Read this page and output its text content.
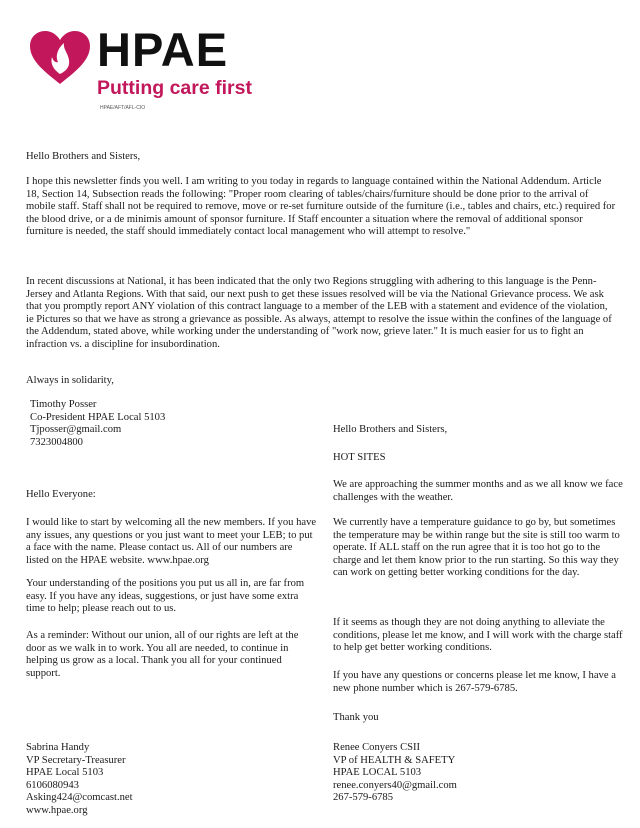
HPAE
Putting care first
HPAE/AFT/AFL-CIO

Hello Brothers and Sisters,

I hope this newsletter finds you well. I am writing to you today in regards to language contained within the National Addendum. Article 18, Section 14, Subsection reads the following: "Proper room clearing of tables/chairs/furniture should be done prior to the arrival of mobile staff. Staff shall not be required to remove, move or re-set furniture outside of the furniture (i.e., tables and chairs, etc.) required for the blood drive, or a de minimis amount of sponsor furniture. If Staff encounter a situation where the removal of additional sponsor furniture is needed, the staff should immediately contact local management who will attempt to resolve."

In recent discussions at National, it has been indicated that the only two Regions struggling with adhering to this language is the Penn-Jersey and Atlanta Regions. With that said, our next push to get these issues resolved will be via the National Grievance process. We ask that you promptly report ANY violation of this contract language to a member of the LEB with a statement and evidence of the violation, ie Pictures so that we have as strong a grievance as possible. As always, attempt to resolve the issue within the confines of the language of the Addendum, stated above, while working under the understanding of "work now, grieve later." It is much easier for us to fight an infraction vs. a discipline for insubordination.

Always in solidarity,

Timothy Posser
Co-President HPAE Local 5103
Tjposser@gmail.com
7323004800

Hello Everyone:

I would like to start by welcoming all the new members. If you have any issues, any questions or you just want to meet your LEB; to put a face with the name. Please contact us. All of our numbers are listed on the HPAE website. www.hpae.org

Your understanding of the positions you put us all in, are far from easy. If you have any ideas, suggestions, or just have some extra time to help; please reach out to us.

As a reminder: Without our union, all of our rights are left at the door as we walk in to work. You all are needed, to continue in helping us grow as a local. Thank you all for your continued support.

Sabrina Handy
VP Secretary-Treasurer
HPAE Local 5103
6106080943
Asking424@comcast.net
www.hpae.org

Hello Brothers and Sisters,

HOT SITES

We are approaching the summer months and as we all know we face challenges with the weather.

We currently have a temperature guidance to go by, but sometimes the temperature may be within range but the site is still too warm to operate. If ALL staff on the run agree that it is too hot go to the charge and let them know prior to the run starting. So this way they can work on getting better working conditions for the day.

If it seems as though they are not doing anything to alleviate the conditions, please let me know, and I will work with the charge staff to help get better working conditions.

If you have any questions or concerns please let me know, I have a new phone number which is 267-579-6785.

Thank you

Renee Conyers CSII
VP of HEALTH & SAFETY
HPAE LOCAL 5103
renee.conyers40@gmail.com
267-579-6785
